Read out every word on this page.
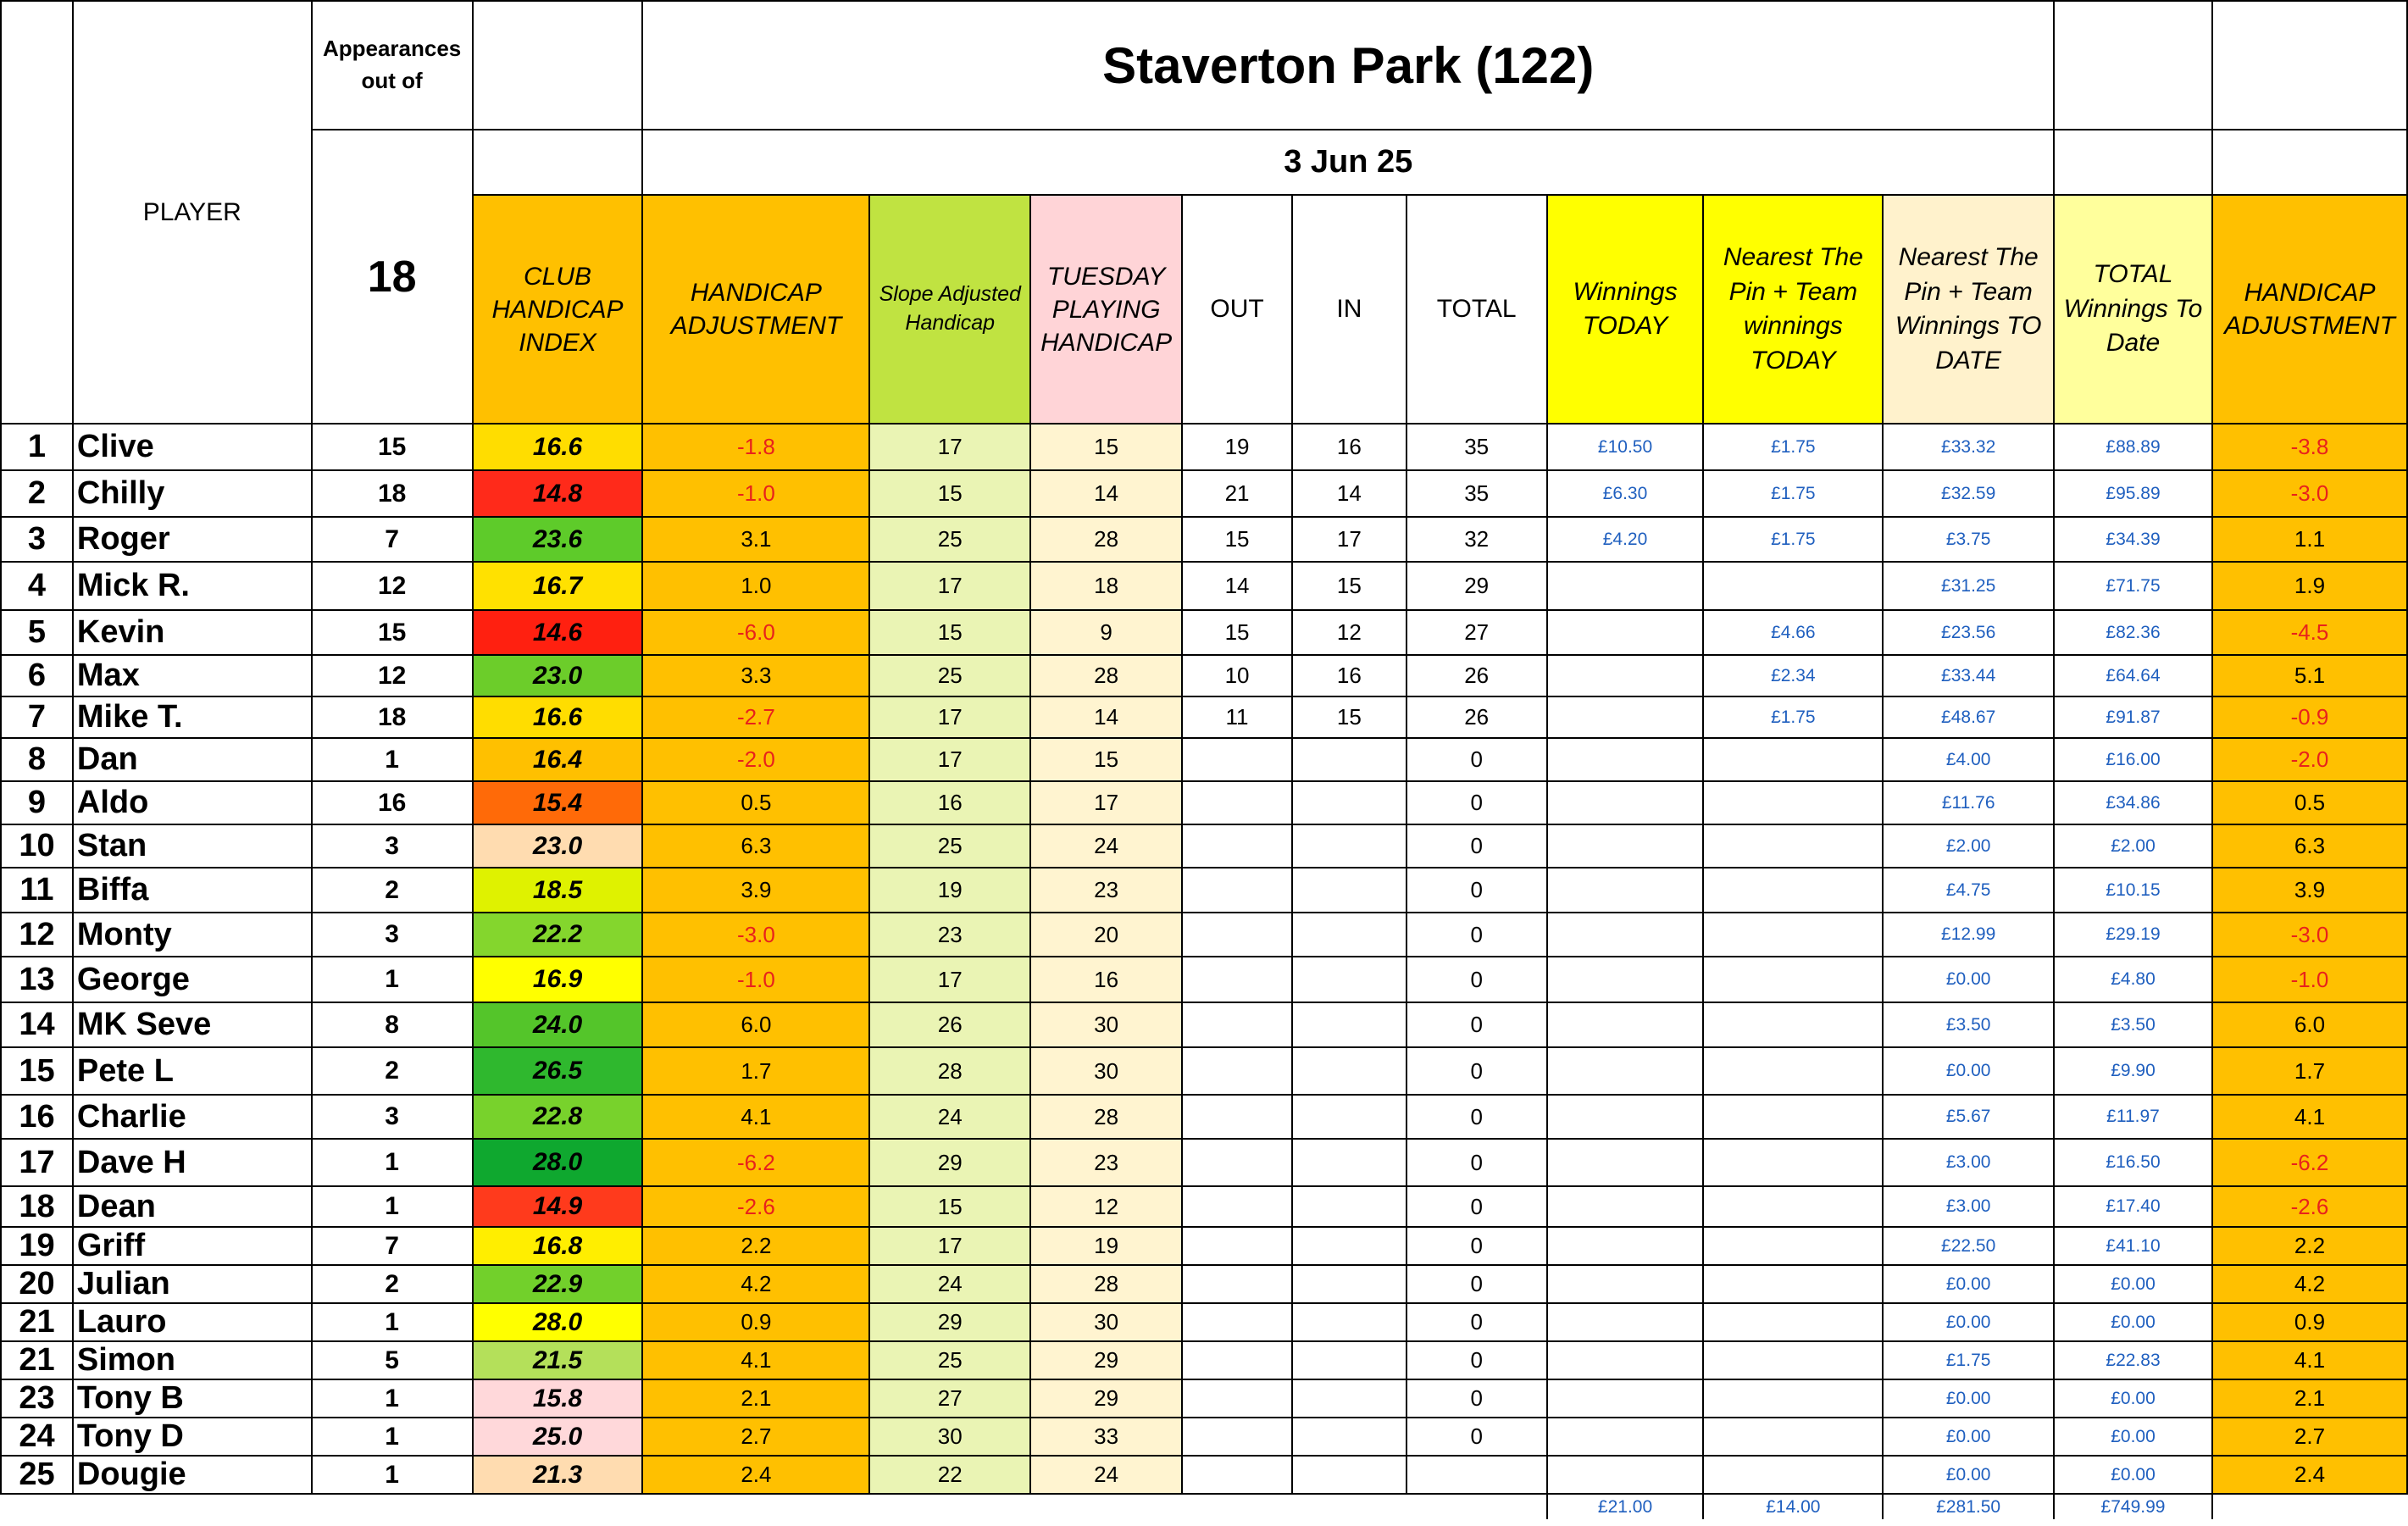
	PLAYER	Appearances out of		Staverton Park (122)										
		18		3 Jun 25										
			CLUB HANDICAP INDEX	HANDICAP ADJUSTMENT	Slope Adjusted Handicap	TUESDAY PLAYING HANDICAP	OUT	IN	TOTAL	Winnings TODAY	Nearest The Pin + Team winnings TODAY	Nearest The Pin + Team Winnings TO DATE	TOTAL Winnings To Date	HANDICAP ADJUSTMENT
1	Clive	15	16.6	-1.8	17	15	19	16	35	£10.50	£1.75	£33.32	£88.89	-3.8
2	Chilly	18	14.8	-1.0	15	14	21	14	35	£6.30	£1.75	£32.59	£95.89	-3.0
3	Roger	7	23.6	3.1	25	28	15	17	32	£4.20	£1.75	£3.75	£34.39	1.1
4	Mick R.	12	16.7	1.0	17	18	14	15	29			£31.25	£71.75	1.9
5	Kevin	15	14.6	-6.0	15	9	15	12	27		£4.66	£23.56	£82.36	-4.5
6	Max	12	23.0	3.3	25	28	10	16	26		£2.34	£33.44	£64.64	5.1
7	Mike T.	18	16.6	-2.7	17	14	11	15	26		£1.75	£48.67	£91.87	-0.9
8	Dan	1	16.4	-2.0	17	15			0			£4.00	£16.00	-2.0
9	Aldo	16	15.4	0.5	16	17			0			£11.76	£34.86	0.5
10	Stan	3	23.0	6.3	25	24			0			£2.00	£2.00	6.3
11	Biffa	2	18.5	3.9	19	23			0			£4.75	£10.15	3.9
12	Monty	3	22.2	-3.0	23	20			0			£12.99	£29.19	-3.0
13	George	1	16.9	-1.0	17	16			0			£0.00	£4.80	-1.0
14	MK Seve	8	24.0	6.0	26	30			0			£3.50	£3.50	6.0
15	Pete L	2	26.5	1.7	28	30			0			£0.00	£9.90	1.7
16	Charlie	3	22.8	4.1	24	28			0			£5.67	£11.97	4.1
17	Dave H	1	28.0	-6.2	29	23			0			£3.00	£16.50	-6.2
18	Dean	1	14.9	-2.6	15	12			0			£3.00	£17.40	-2.6
19	Griff	7	16.8	2.2	17	19			0			£22.50	£41.10	2.2
20	Julian	2	22.9	4.2	24	28			0			£0.00	£0.00	4.2
21	Lauro	1	28.0	0.9	29	30			0			£0.00	£0.00	0.9
21	Simon	5	21.5	4.1	25	29			0			£1.75	£22.83	4.1
23	Tony B	1	15.8	2.1	27	29			0			£0.00	£0.00	2.1
24	Tony D	1	25.0	2.7	30	33			0			£0.00	£0.00	2.7
25	Dougie	1	21.3	2.4	22	24						£0.00	£0.00	2.4
										£21.00	£14.00	£281.50	£749.99	
